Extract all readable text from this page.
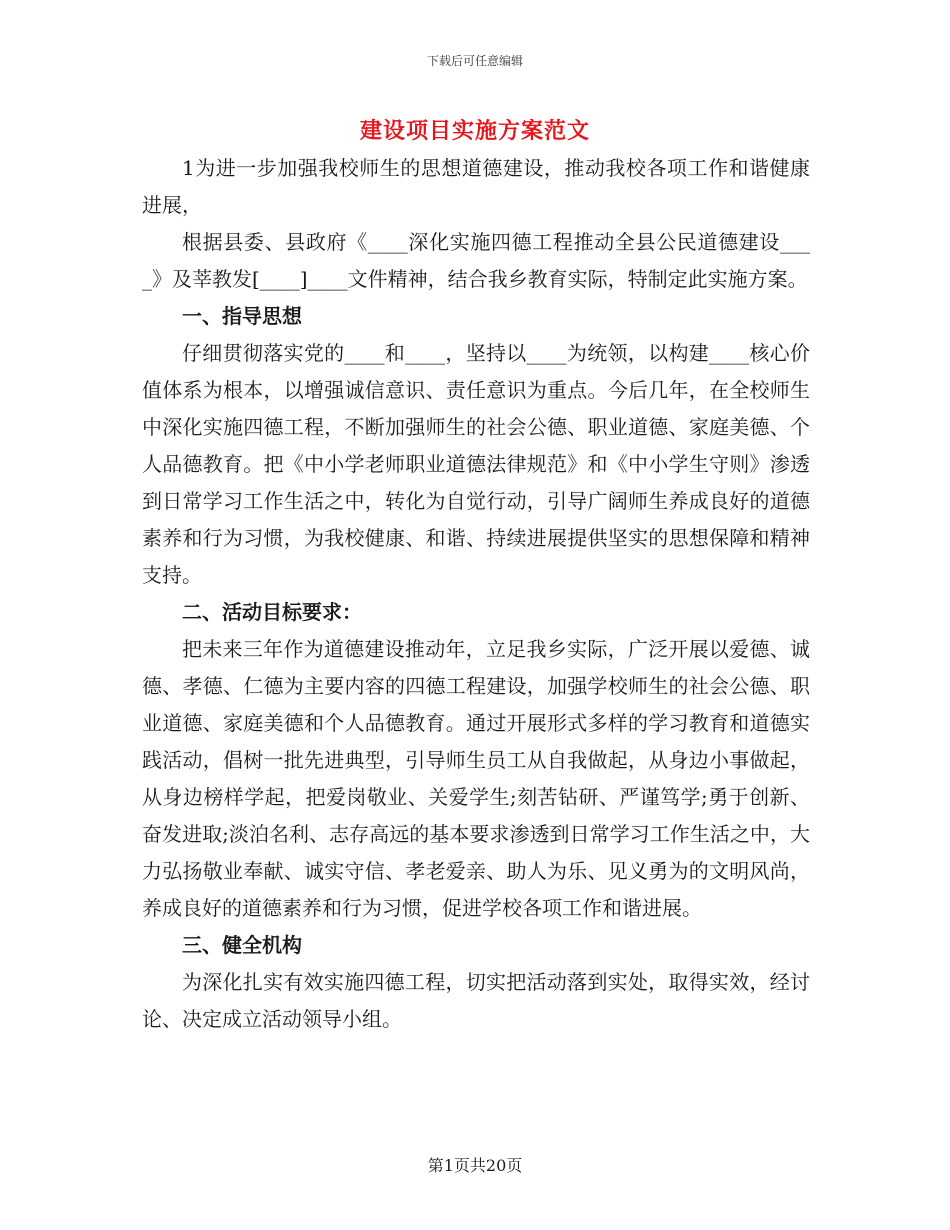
下载后可任意编辑
建设项目实施方案范文

1为进一步加强我校师生的思想道德建设，推动我校各项工作和谐健康进展，

根据县委、县政府《____深化实施四德工程推动全县公民道德建设____》及莘教发[____]____文件精神，结合我乡教育实际，特制定此实施方案。

一、指导思想

仔细贯彻落实党的____和____，坚持以____为统领，以构建____核心价值体系为根本，以增强诚信意识、责任意识为重点。今后几年，在全校师生中深化实施四德工程，不断加强师生的社会公德、职业道德、家庭美德、个人品德教育。把《中小学老师职业道德法律规范》和《中小学生守则》渗透到日常学习工作生活之中，转化为自觉行动，引导广阔师生养成良好的道德素养和行为习惯，为我校健康、和谐、持续进展提供坚实的思想保障和精神支持。

二、活动目标要求：

把未来三年作为道德建设推动年，立足我乡实际，广泛开展以爱德、诚德、孝德、仁德为主要内容的四德工程建设，加强学校师生的社会公德、职业道德、家庭美德和个人品德教育。通过开展形式多样的学习教育和道德实践活动，倡树一批先进典型，引导师生员工从自我做起，从身边小事做起，从身边榜样学起，把爱岗敬业、关爱学生;刻苦钻研、严谨笃学;勇于创新、奋发进取;淡泊名利、志存高远的基本要求渗透到日常学习工作生活之中，大力弘扬敬业奉献、诚实守信、孝老爱亲、助人为乐、见义勇为的文明风尚，养成良好的道德素养和行为习惯，促进学校各项工作和谐进展。

三、健全机构

为深化扎实有效实施四德工程，切实把活动落到实处，取得实效，经讨论、决定成立活动领导小组。

第1页共20页
